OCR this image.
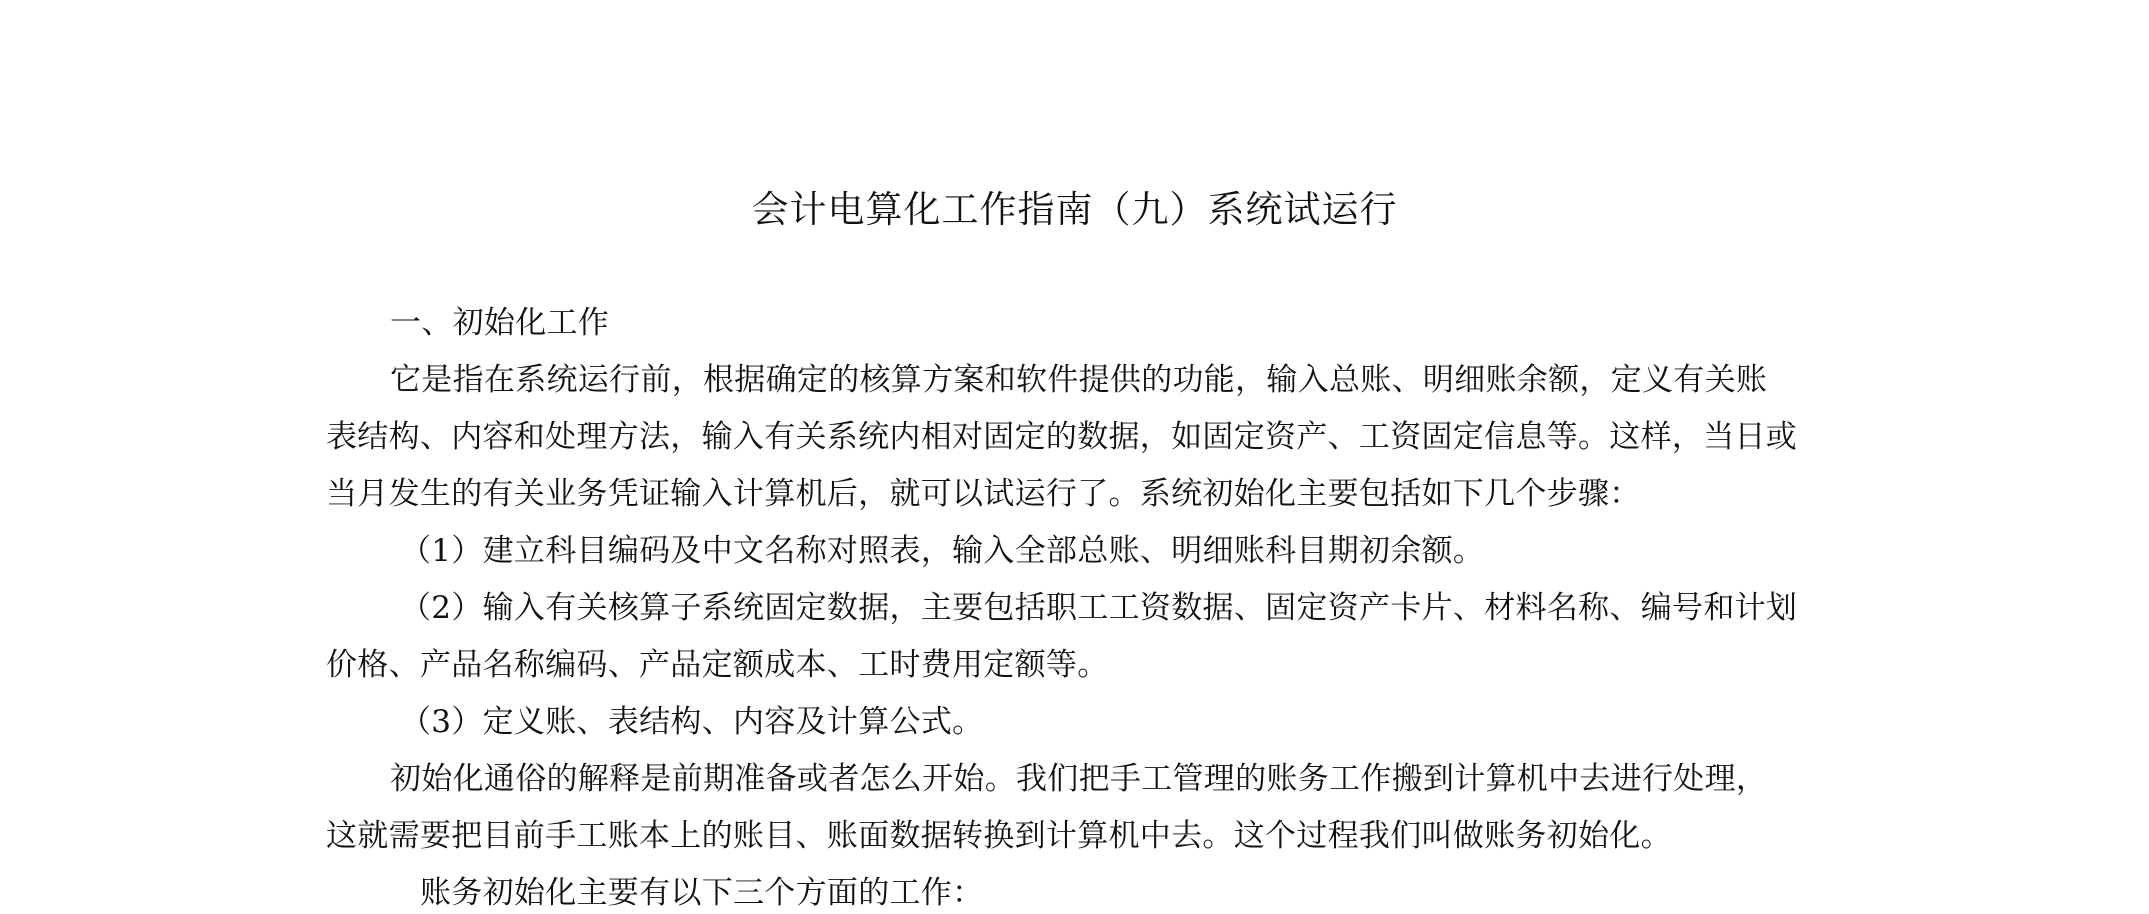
会计电算化工作指南（九）系统试运行
一、初始化工作
它是指在系统运行前，根据确定的核算方案和软件提供的功能，输入总账、明细账余额，定义有关账
表结构、内容和处理方法，输入有关系统内相对固定的数据，如固定资产、工资固定信息等。这样，当日或
当月发生的有关业务凭证输入计算机后，就可以试运行了。系统初始化主要包括如下几个步骤：
（1）建立科目编码及中文名称对照表，输入全部总账、明细账科目期初余额。
（2）输入有关核算子系统固定数据，主要包括职工工资数据、固定资产卡片、材料名称、编号和计划
价格、产品名称编码、产品定额成本、工时费用定额等。
（3）定义账、表结构、内容及计算公式。
初始化通俗的解释是前期准备或者怎么开始。我们把手工管理的账务工作搬到计算机中去进行处理，
这就需要把目前手工账本上的账目、账面数据转换到计算机中去。这个过程我们叫做账务初始化。
账务初始化主要有以下三个方面的工作：
